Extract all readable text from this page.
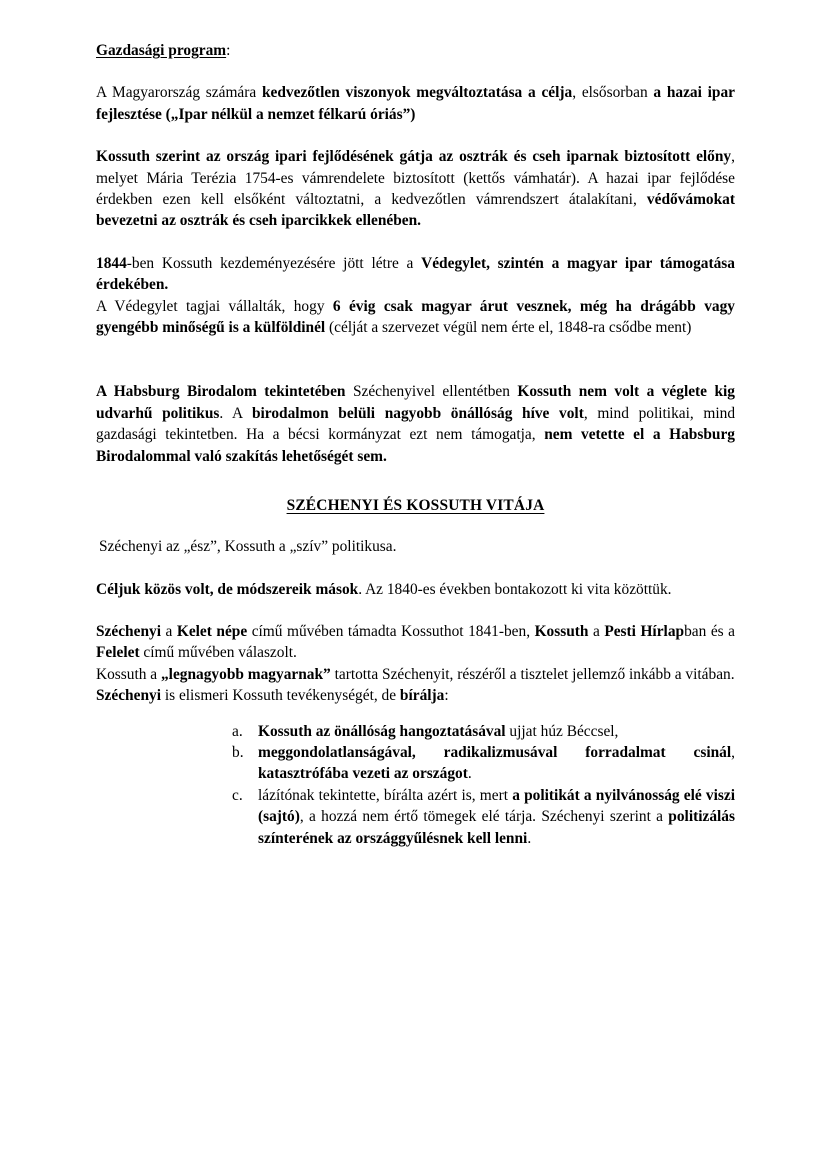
Gazdasági program:

A Magyarország számára kedvezőtlen viszonyok megváltoztatása a célja, elsősorban a hazai ipar fejlesztése („Ipar nélkül a nemzet félkarú óriás”)

Kossuth szerint az ország ipari fejlődésének gátja az osztrák és cseh iparnak biztosított előny, melyet Mária Terézia 1754-es vámrendelete biztosított (kettős vámhatár). A hazai ipar fejlődése érdekben ezen kell elsőként változtatni, a kedvezőtlen vámrendszert átalakítani, védővámokat bevezetni az osztrák és cseh iparcikkek ellenében.

1844-ben Kossuth kezdeményezésére jött létre a Védegylet, szintén a magyar ipar támogatása érdekében.

A Védegylet tagjai vállalták, hogy 6 évig csak magyar árut vesznek, még ha drágább vagy gyengébb minőségű is a külföldinél (célját a szervezet végül nem érte el, 1848-ra csődbe ment)

A Habsburg Birodalom tekintetében Széchenyivel ellentétben Kossuth nem volt a véglete kig udvarhű politikus. A birodalmon belüli nagyobb önállóság híve volt, mind politikai, mind gazdasági tekintetben. Ha a bécsi kormányzat ezt nem támogatja, nem vetette el a Habsburg Birodalommal való szakítás lehetőségét sem.

SZÉCHENYI ÉS KOSSUTH VITÁJA

Széchenyi az „ész”, Kossuth a „szív” politikusa.

Céljuk közös volt, de módszereik mások. Az 1840-es években bontakozott ki vita közöttük.

Széchenyi a Kelet népe című művében támadta Kossuthot 1841-ben, Kossuth a Pesti Hírlapban és a Felelet című művében válaszolt.

Kossuth a „legnagyobb magyarnak” tartotta Széchenyit, részéről a tisztelet jellemző inkább a vitában.

Széchenyi is elismeri Kossuth tevékenységét, de bírálja:

a. Kossuth az önállóság hangoztatásával ujjat húz Béccsel,
b. meggondolatlanságával, radikalizmusával forradalmat csinál, katasztrófába vezeti az országot.
c. lázítónak tekintette, bírálta azért is, mert a politikát a nyilvánosság elé viszi (sajtó), a hozzá nem értő tömegek elé tárja. Széchenyi szerint a politizálás színterének az országgyűlésnek kell lenni.
